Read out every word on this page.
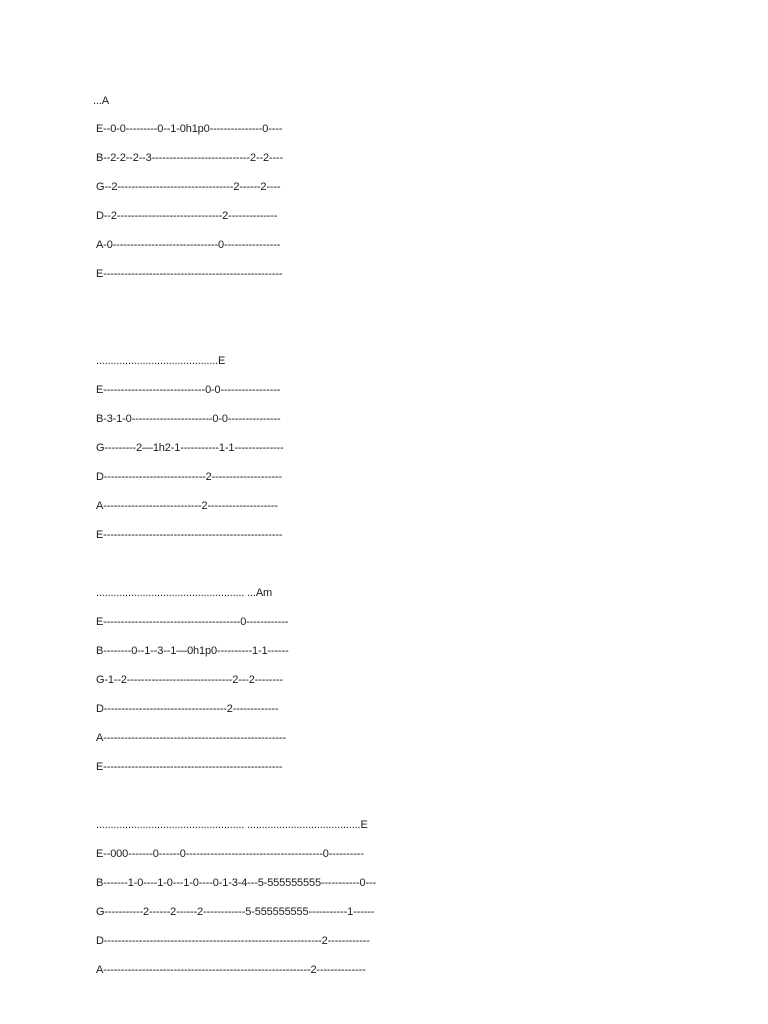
...A
E--0-0---------0--1-0h1p0---------------0----
B--2-2--2--3----------------------------2--2----
G--2---------------------------------2------2----
D--2------------------------------2--------------
A-0------------------------------0----------------
E---------------------------------------------------
..........................................E
E-----------------------------0-0-----------------
B-3-1-0-----------------------0-0---------------
G---------2—1h2-1-----------1-1--------------
D-----------------------------2--------------------
A----------------------------2--------------------
E---------------------------------------------------
................................................... ...Am
E---------------------------------------0------------
B--------0--1--3--1—0h1p0----------1-1------
G-1--2------------------------------2---2--------
D-----------------------------------2-------------
A----------------------------------------------------
E---------------------------------------------------
................................................... .......................................E
E--000-------0------0---------------------------------------0----------
B-------1-0----1-0---1-0----0-1-3-4---5-555555555-----------0---
G-----------2------2------2------------5-555555555-----------1------
D--------------------------------------------------------------2------------
A-----------------------------------------------------------2--------------
